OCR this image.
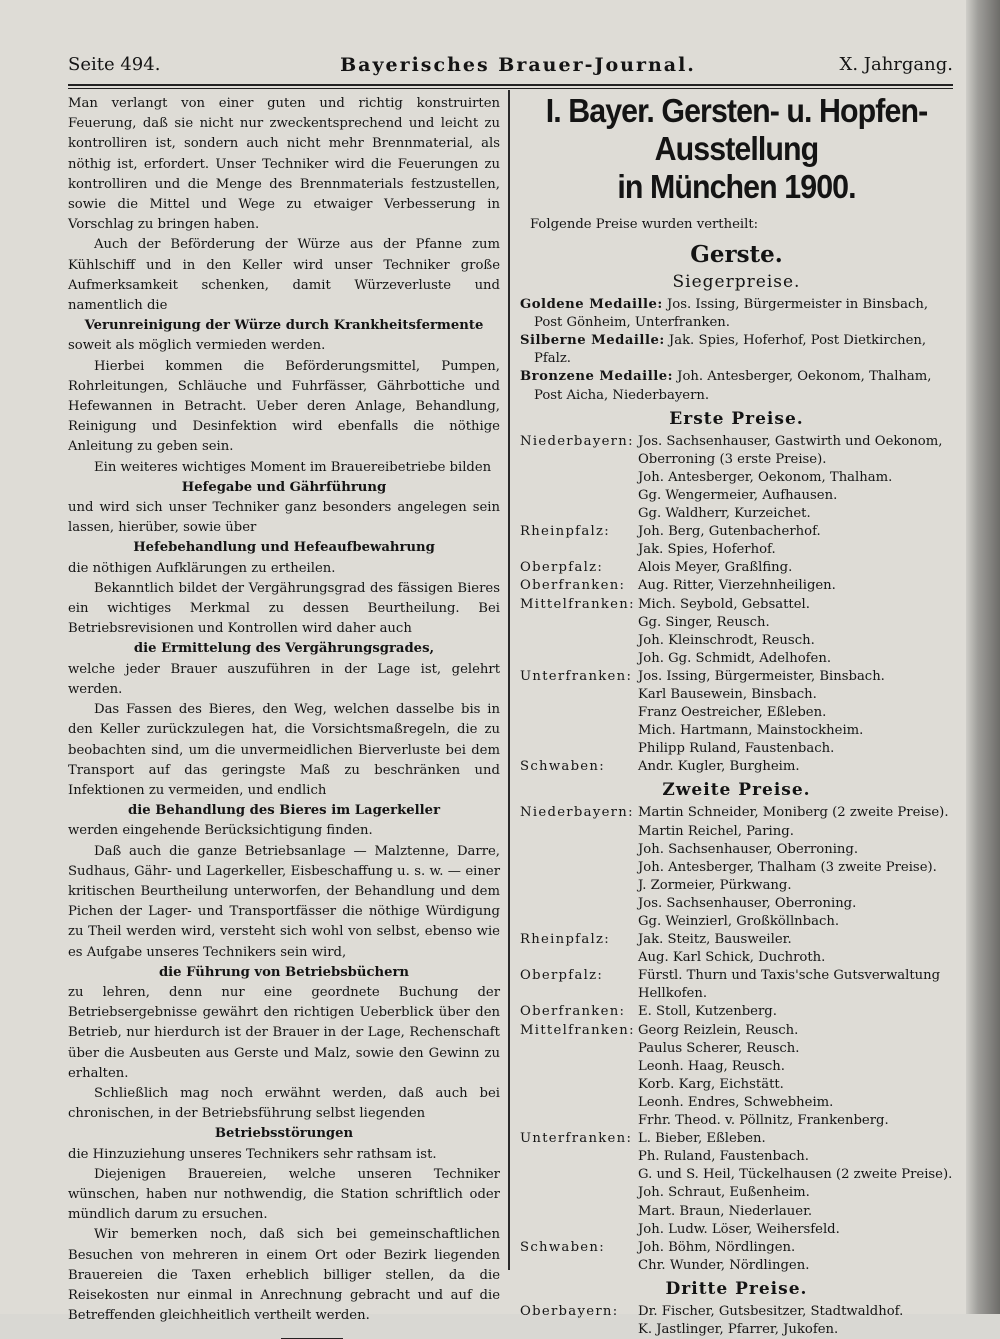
Seite 494.	Bayerisches Brauer-Journal.	X. Jahrgang.

Man verlangt von einer guten und richtig konstruirten Feuerung, daß sie nicht nur zweckentsprechend und leicht zu kontrolliren ist, sondern auch nicht mehr Brennmaterial, als nöthig ist, erfordert. Unser Techniker wird die Feuerungen zu kontrolliren und die Menge des Brennmaterials festzustellen, sowie die Mittel und Wege zu etwaiger Verbesserung in Vorschlag zu bringen haben.

Auch der Beförderung der Würze aus der Pfanne zum Kühlschiff und in den Keller wird unser Techniker große Aufmerksamkeit schenken, damit Würzeverluste und namentlich die

Verunreinigung der Würze durch Krankheitsfermente

soweit als möglich vermieden werden.

Hierbei kommen die Beförderungsmittel, Pumpen, Rohrleitungen, Schläuche und Fuhrfässer, Gährbottiche und Hefewannen in Betracht. Ueber deren Anlage, Behandlung, Reinigung und Desinfektion wird ebenfalls die nöthige Anleitung zu geben sein.

Ein weiteres wichtiges Moment im Brauereibetriebe bilden

Hefegabe und Gährführung

und wird sich unser Techniker ganz besonders angelegen sein lassen, hierüber, sowie über

Hefebehandlung und Hefeaufbewahrung

die nöthigen Aufklärungen zu ertheilen.

Bekanntlich bildet der Vergährungsgrad des fässigen Bieres ein wichtiges Merkmal zu dessen Beurtheilung. Bei Betriebsrevisionen und Kontrollen wird daher auch

die Ermittelung des Vergährungsgrades,

welche jeder Brauer auszuführen in der Lage ist, gelehrt werden.

Das Fassen des Bieres, den Weg, welchen dasselbe bis in den Keller zurückzulegen hat, die Vorsichtsmaßregeln, die zu beobachten sind, um die unvermeidlichen Bierverluste bei dem Transport auf das geringste Maß zu beschränken und Infektionen zu vermeiden, und endlich

die Behandlung des Bieres im Lagerkeller

werden eingehende Berücksichtigung finden.

Daß auch die ganze Betriebsanlage — Malztenne, Darre, Sudhaus, Gähr- und Lagerkeller, Eisbeschaffung u. s. w. — einer kritischen Beurtheilung unterworfen, der Behandlung und dem Pichen der Lager- und Transportfässer die nöthige Würdigung zu Theil werden wird, versteht sich wohl von selbst, ebenso wie es Aufgabe unseres Technikers sein wird,

die Führung von Betriebsbüchern

zu lehren, denn nur eine geordnete Buchung der Betriebsergebnisse gewährt den richtigen Ueberblick über den Betrieb, nur hierdurch ist der Brauer in der Lage, Rechenschaft über die Ausbeuten aus Gerste und Malz, sowie den Gewinn zu erhalten.

Schließlich mag noch erwähnt werden, daß auch bei chronischen, in der Betriebsführung selbst liegenden

Betriebsstörungen

die Hinzuziehung unseres Technikers sehr rathsam ist.

Diejenigen Brauereien, welche unseren Techniker wünschen, haben nur nothwendig, die Station schriftlich oder mündlich darum zu ersuchen.

Wir bemerken noch, daß sich bei gemeinschaftlichen Besuchen von mehreren in einem Ort oder Bezirk liegenden Brauereien die Taxen erheblich billiger stellen, da die Reisekosten nur einmal in Anrechnung gebracht und auf die Betreffenden gleichheitlich vertheilt werden.

I. Bayer. Gersten- u. Hopfen-Ausstellung
in München 1900.
Folgende Preise wurden vertheilt:
Gerste.
Siegerpreise.

Goldene Medaille: Jos. Issing, Bürgermeister in Binsbach, Post Gönheim, Unterfranken.

Silberne Medaille: Jak. Spies, Hoferhof, Post Dietkirchen, Pfalz.

Bronzene Medaille: Joh. Antesberger, Oekonom, Thalham, Post Aicha, Niederbayern.

Erste Preise.
Niederbayern: Jos. Sachsenhauser, Gastwirth und Oekonom, Oberroning (3 erste Preise).

Joh. Antesberger, Oekonom, Thalham.

Gg. Wengermeier, Aufhausen.

Gg. Waldherr, Kurzeichet.

Rheinpfalz:	Joh. Berg, Gutenbacherhof.

Jak. Spies, Hoferhof.

Oberpfalz:	Alois Meyer, Graßlfing.
Oberfranken: Aug. Ritter, Vierzehnheiligen.
Mittelfranken: Mich. Seybold, Gebsattel.

Gg. Singer, Reusch.

Joh. Kleinschrodt, Reusch.

Joh. Gg. Schmidt, Adelhofen.

Unterfranken: Jos. Issing, Bürgermeister, Binsbach.

Karl Bausewein, Binsbach.

Franz Oestreicher, Eßleben.

Mich. Hartmann, Mainstockheim.

Philipp Ruland, Faustenbach.

Schwaben:	Andr. Kugler, Burgheim.
Zweite Preise.
Niederbayern: Martin Schneider, Moniberg (2 zweite Preise).

Martin Reichel, Paring.

Joh. Sachsenhauser, Oberroning.

Joh. Antesberger, Thalham (3 zweite Preise).

J. Zormeier, Pürkwang.

Jos. Sachsenhauser, Oberroning.

Gg. Weinzierl, Großköllnbach.

Rheinpfalz:	Jak. Steitz, Bausweiler.

Aug. Karl Schick, Duchroth.

Oberpfalz:	Fürstl. Thurn und Taxis'sche Gutsverwaltung Hellkofen.
Oberfranken: E. Stoll, Kutzenberg.
Mittelfranken: Georg Reizlein, Reusch.

Paulus Scherer, Reusch.

Leonh. Haag, Reusch.

Korb. Karg, Eichstätt.

Leonh. Endres, Schwebheim.

Frhr. Theod. v. Pöllnitz, Frankenberg.

Unterfranken: L. Bieber, Eßleben.

Ph. Ruland, Faustenbach.

G. und S. Heil, Tückelhausen (2 zweite Preise).

Joh. Schraut, Eußenheim.

Mart. Braun, Niederlauer.

Joh. Ludw. Löser, Weihersfeld.

Schwaben:	Joh. Böhm, Nördlingen.

Chr. Wunder, Nördlingen.

Dritte Preise.
Oberbayern:	Dr. Fischer, Gutsbesitzer, Stadtwaldhof.

K. Jastlinger, Pfarrer, Jukofen.
